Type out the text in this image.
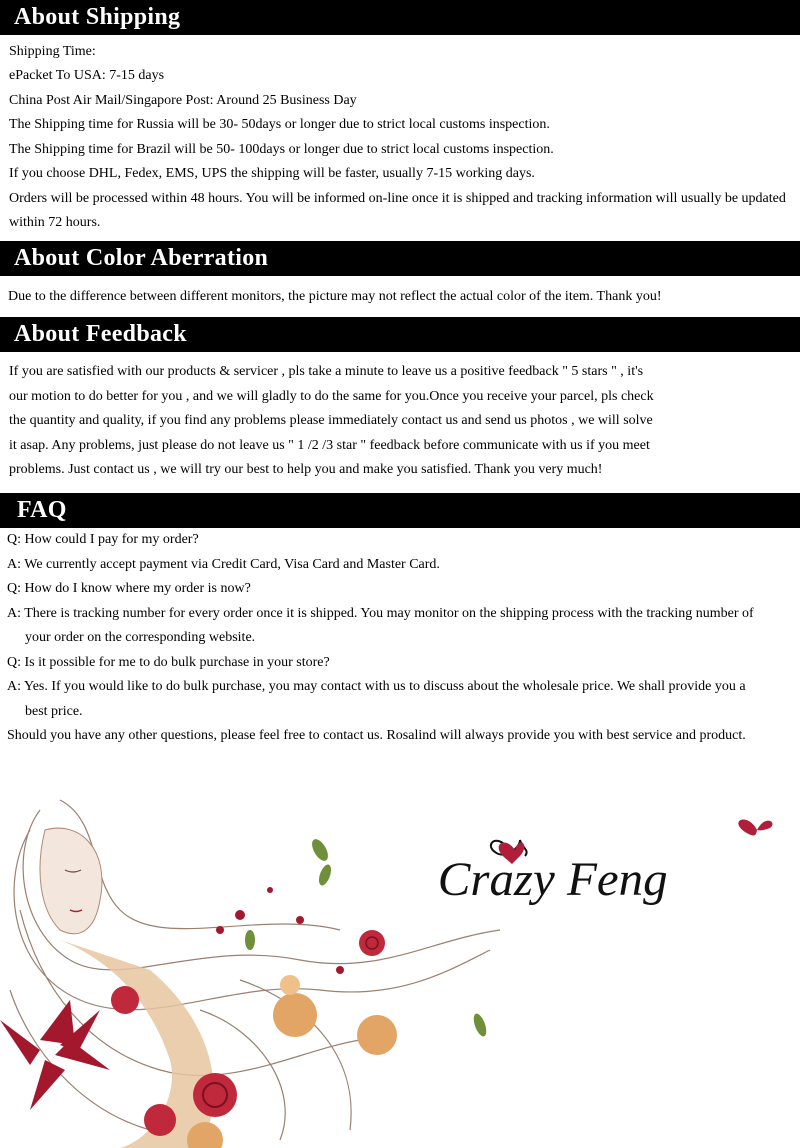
About Shipping
Shipping Time:
ePacket To USA: 7-15 days
China Post Air Mail/Singapore Post: Around 25 Business Day
The Shipping time for Russia will be 30- 50days or longer due to strict local customs inspection.
The Shipping time for Brazil will be 50- 100days or longer due to strict local customs inspection.
If you choose DHL, Fedex, EMS, UPS the shipping will be faster, usually 7-15 working days.
Orders will be processed within 48 hours. You will be informed on-line once it is shipped and tracking information will usually be updated
within 72 hours.
About Color Aberration
Due to the difference between different monitors, the picture may not reflect the actual color of the item. Thank you!
About Feedback
If you are satisfied with our products & servicer , pls take a minute to leave us a positive feedback " 5 stars " , it's
our motion to do better for you , and we will gladly to do the same for you.Once you receive your parcel, pls check
the quantity and quality, if you find any problems please immediately contact us and send us photos , we will solve
it asap. Any problems, just please do not leave us " 1 /2 /3 star " feedback before communicate with us if you meet
problems. Just contact us , we will try our best to help you and make you satisfied. Thank you very much!
FAQ
Q: How could I pay for my order?
A: We currently accept payment via Credit Card, Visa Card and Master Card.
Q: How do I know where my order is now?
A: There is tracking number for every order once it is shipped. You may monitor on the shipping process with the tracking number of
your order on the corresponding website.
Q: Is it possible for me to do bulk purchase in your store?
A: Yes. If you would like to do bulk purchase, you may contact with us to discuss about the wholesale price. We shall provide you a
best price.
Should you have any other questions, please feel free to contact us. Rosalind will always provide you with best service and product.
Crazy Feng
